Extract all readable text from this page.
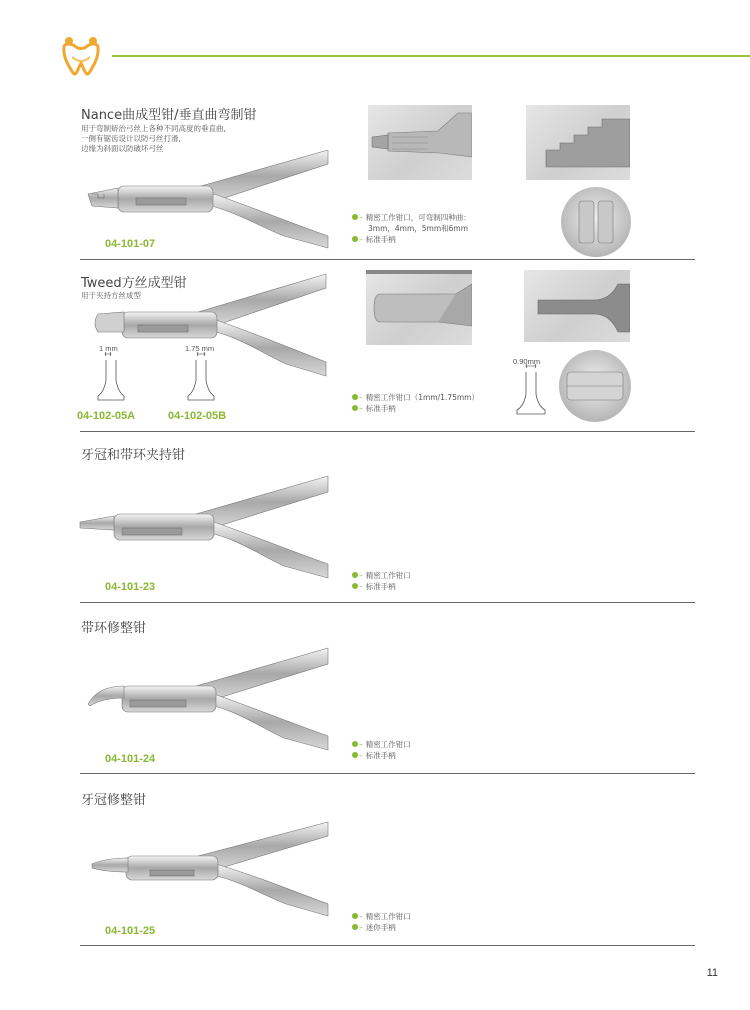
Nance曲成型钳/垂直曲弯制钳
用于弯制矫治弓丝上各种不同高度的垂直曲,
一侧有锯齿设计以防弓丝打滑,
边缘为斜面以防破坏弓丝
04-101-07
– 精密工作钳口，可弯制四种曲：
3mm，4mm，5mm和6mm
– 标准手柄
Tweed方丝成型钳
用于夹持方丝成型
1 mm	1.75 mm
04-102-05A	04-102-05B
0.90mm
– 精密工作钳口（1mm/1.75mm）
– 标准手柄
牙冠和带环夹持钳
04-101-23
– 精密工作钳口
– 标准手柄
带环修整钳
04-101-24
– 精密工作钳口
– 标准手柄
牙冠修整钳
04-101-25
– 精密工作钳口
– 迷你手柄
11
